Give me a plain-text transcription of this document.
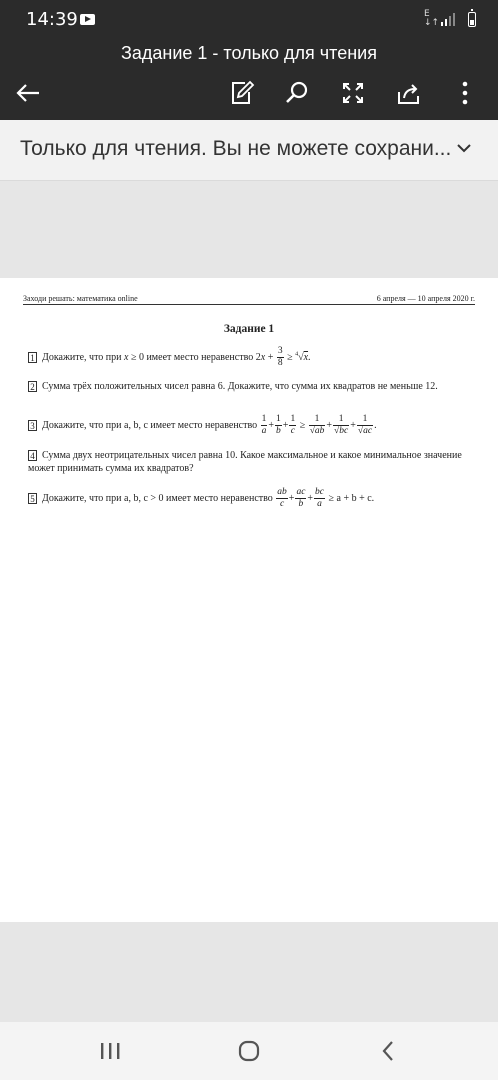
14:39	E
↓↑
Задание 1 - только для чтения
Только для чтения. Вы не можете сохрани...
Заходи решать: математика online	6 апреля — 10 апреля 2020 г.
Задание 1
1 Докажите, что при x ≥ 0 имеет место неравенство $2x + \frac{3}{8} \ge ^4√x$.
2 Сумма трёх положительных чисел равна 6. Докажите, что сумма их квадратов не меньше 12.
3 Докажите, что при a, b, c имеет место неравенство $\frac{1}{a} + \frac{1}{b} + \frac{1}{c} \ge \frac{1}{√ab} + \frac{1}{√bc} + \frac{1}{√ac}$ .
4 Сумма двух неотрицательных чисел равна 10. Какое максимальное и какое минимальное значение может принимать сумма их квадратов?
5 Докажите, что при a, b, c > 0 имеет место неравенство $\frac{ab}{c} + \frac{ac}{b} + \frac{bc}{a} \ge a + b + c$.
